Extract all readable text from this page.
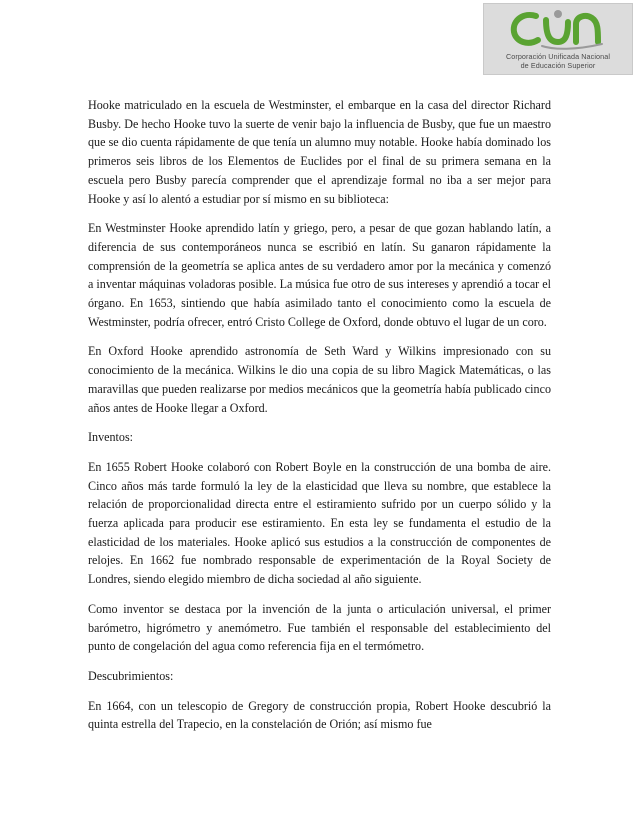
Corporación Unificada Nacional
de Educación Superior

Hooke matriculado en la escuela de Westminster, el embarque en la casa del director Richard Busby. De hecho Hooke tuvo la suerte de venir bajo la influencia de Busby, que fue un maestro que se dio cuenta rápidamente de que tenía un alumno muy notable. Hooke había dominado los primeros seis libros de los Elementos de Euclides por el final de su primera semana en la escuela pero Busby parecía comprender que el aprendizaje formal no iba a ser mejor para Hooke y así lo alentó a estudiar por sí mismo en su biblioteca:

En Westminster Hooke aprendido latín y griego, pero, a pesar de que gozan hablando latín, a diferencia de sus contemporáneos nunca se escribió en latín. Su ganaron rápidamente la comprensión de la geometría se aplica antes de su verdadero amor por la mecánica y comenzó a inventar máquinas voladoras posible. La música fue otro de sus intereses y aprendió a tocar el órgano. En 1653, sintiendo que había asimilado tanto el conocimiento como la escuela de Westminster, podría ofrecer, entró Cristo College de Oxford, donde obtuvo el lugar de un coro.

En Oxford Hooke aprendido astronomía de Seth Ward y Wilkins impresionado con su conocimiento de la mecánica. Wilkins le dio una copia de su libro Magick Matemáticas, o las maravillas que pueden realizarse por medios mecánicos que la geometría había publicado cinco años antes de Hooke llegar a Oxford.

Inventos:

En 1655 Robert Hooke colaboró con Robert Boyle en la construcción de una bomba de aire. Cinco años más tarde formuló la ley de la elasticidad que lleva su nombre, que establece la relación de proporcionalidad directa entre el estiramiento sufrido por un cuerpo sólido y la fuerza aplicada para producir ese estiramiento. En esta ley se fundamenta el estudio de la elasticidad de los materiales. Hooke aplicó sus estudios a la construcción de componentes de relojes. En 1662 fue nombrado responsable de experimentación de la Royal Society de Londres, siendo elegido miembro de dicha sociedad al año siguiente.

Como inventor se destaca por la invención de la junta o articulación universal, el primer barómetro, higrómetro y anemómetro. Fue también el responsable del establecimiento del punto de congelación del agua como referencia fija en el termómetro.

Descubrimientos:

En 1664, con un telescopio de Gregory de construcción propia, Robert Hooke descubrió la quinta estrella del Trapecio, en la constelación de Orión; así mismo fue
